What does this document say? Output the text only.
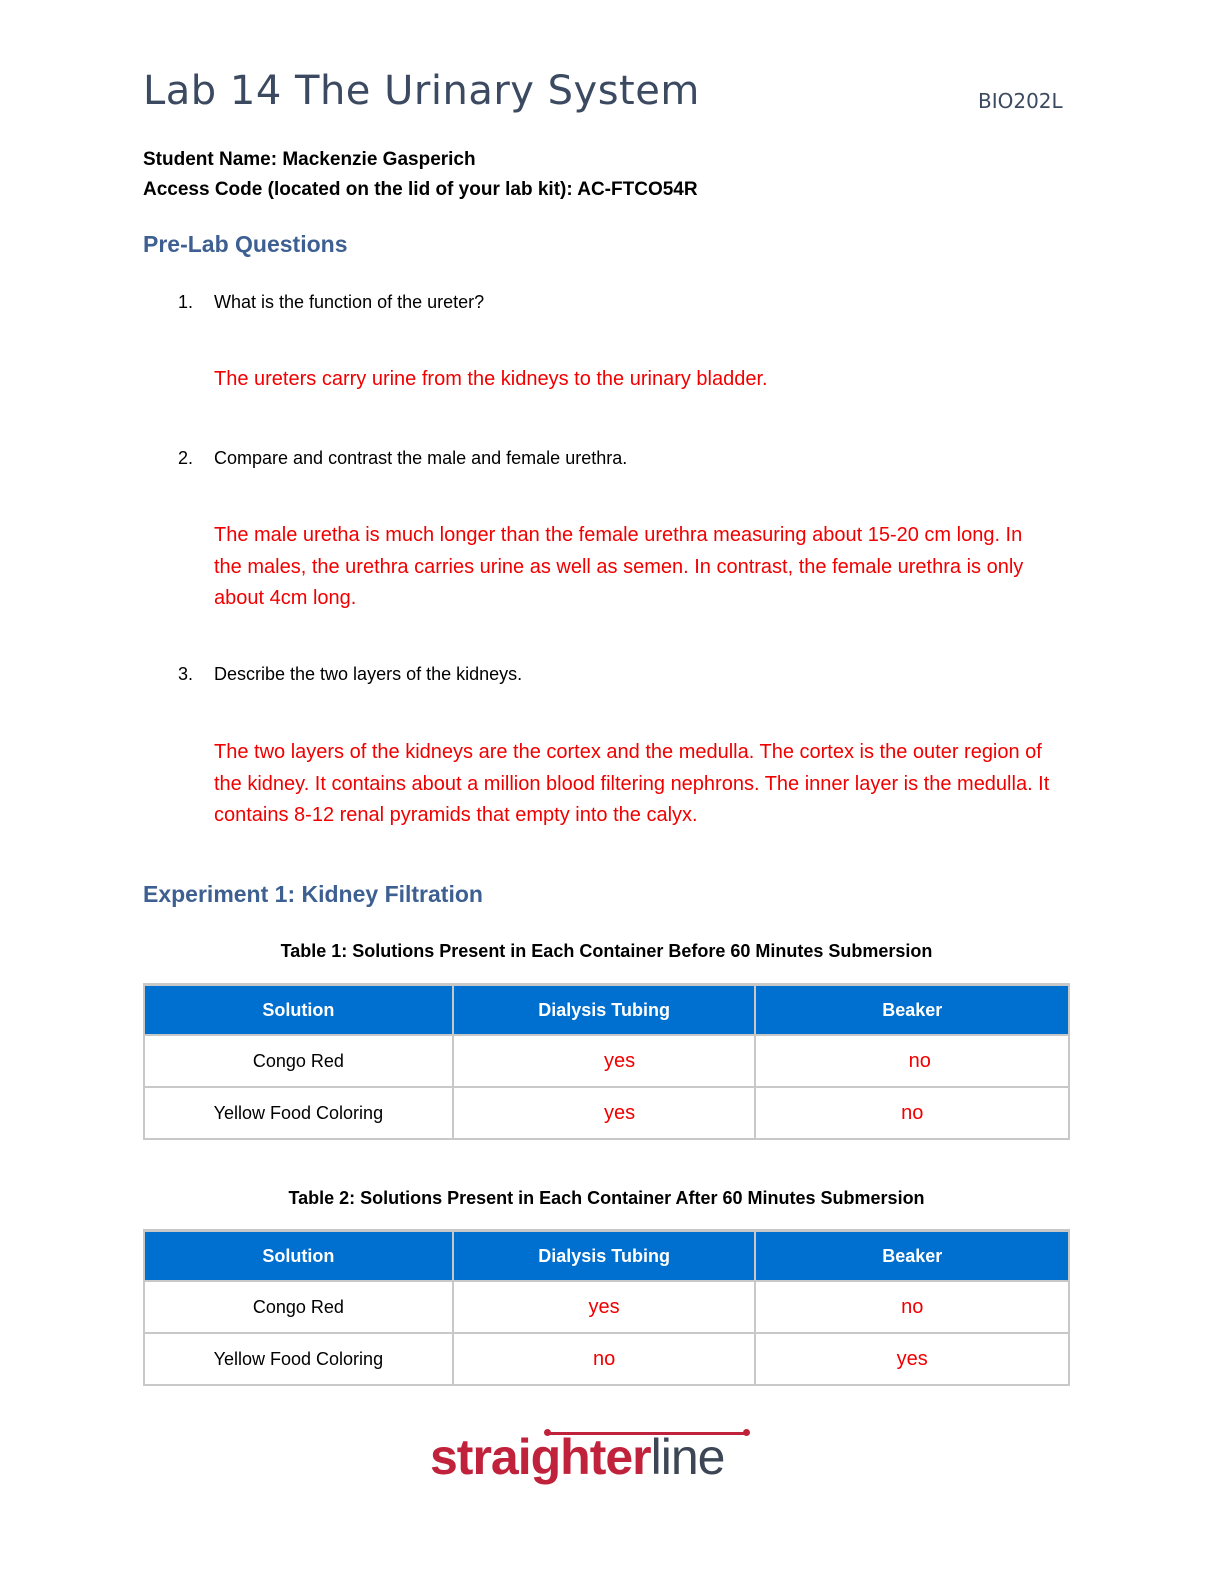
Lab 14 The Urinary System	BIO202L
Student Name: Mackenzie Gasperich
Access Code (located on the lid of your lab kit): AC-FTCO54R
Pre-Lab Questions
1. What is the function of the ureter?
The ureters carry urine from the kidneys to the urinary bladder.
2. Compare and contrast the male and female urethra.
The male uretha is much longer than the female urethra measuring about 15-20 cm long. In the males, the urethra carries urine as well as semen. In contrast, the female urethra is only about 4cm long.
3. Describe the two layers of the kidneys.
The two layers of the kidneys are the cortex and the medulla. The cortex is the outer region of the kidney. It contains about a million blood filtering nephrons. The inner layer is the medulla. It contains 8-12 renal pyramids that empty into the calyx.
Experiment 1: Kidney Filtration
Table 1: Solutions Present in Each Container Before 60 Minutes Submersion
Solution	Dialysis Tubing	Beaker
Congo Red	yes	no
Yellow Food Coloring	yes	no
Table 2: Solutions Present in Each Container After 60 Minutes Submersion
Solution	Dialysis Tubing	Beaker
Congo Red	yes	no
Yellow Food Coloring	no	yes
straighterline
